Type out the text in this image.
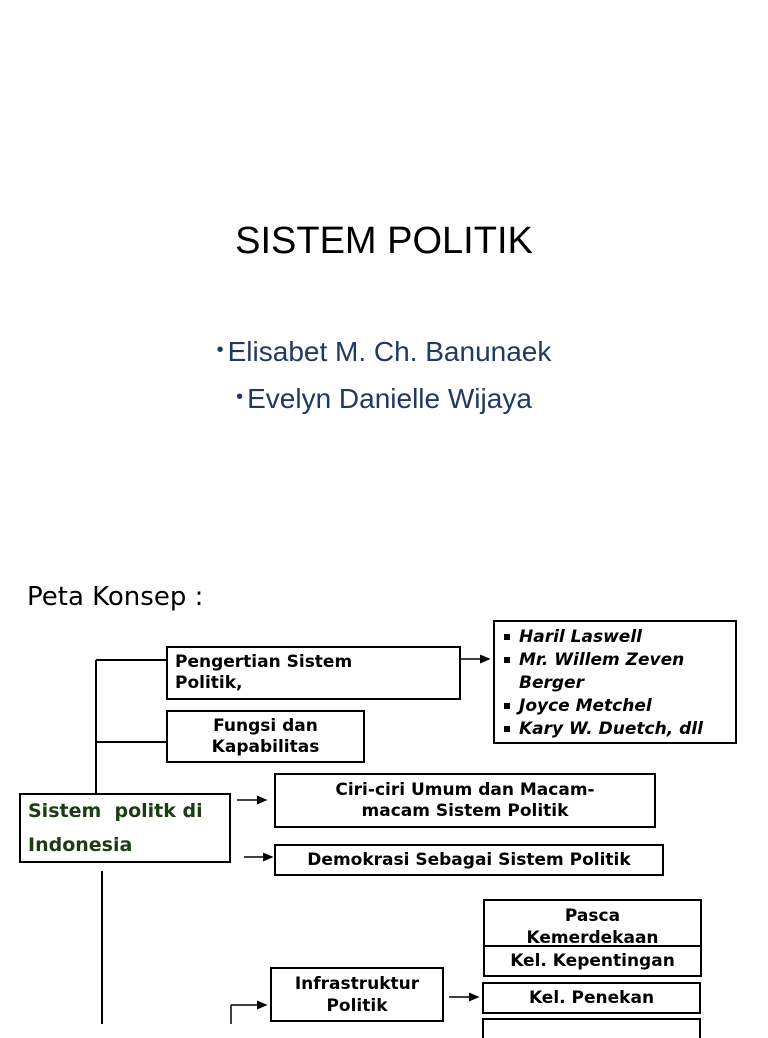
SISTEM POLITIK
• Elisabet M. Ch. Banunaek
• Evelyn Danielle Wijaya
Peta Konsep :
Pengertian Sistem
Politik,
Haril Laswell
Mr. Willem Zeven
Berger
Joyce Metchel
Kary W. Duetch, dll
Fungsi dan
Kapabilitas
Sistem  politk di
Indonesia
Ciri-ciri Umum dan Macam-
macam Sistem Politik
Demokrasi Sebagai Sistem Politik
Pasca
Kemerdekaan
Kel. Kepentingan
Infrastruktur
Politik	Kel. Penekan
